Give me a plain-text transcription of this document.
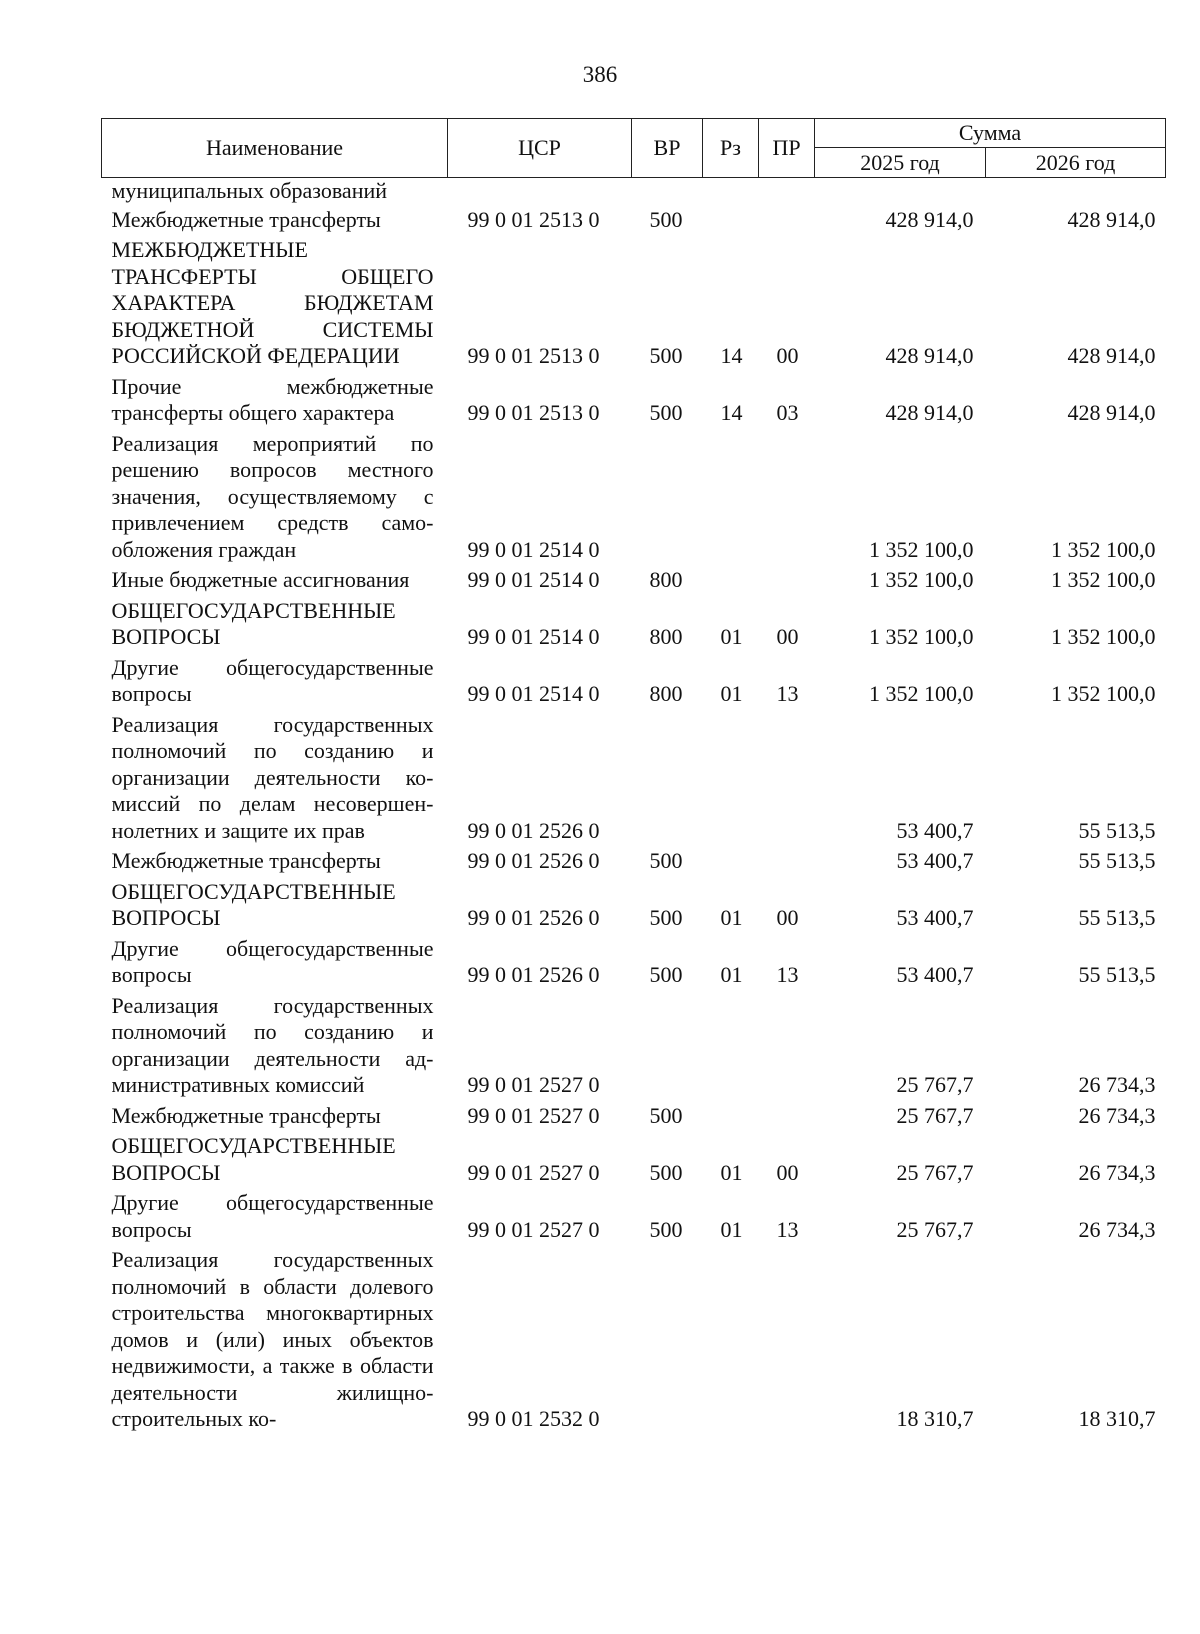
386
Наименование	ЦСР	ВР	Рз	ПР	Сумма	
					2025 год	2026 год
муниципальных образований						
Межбюджетные трансферты	99 0 01 2513 0	500			428 914,0	428 914,0
МЕЖБЮДЖЕТНЫЕ ТРАНСФЕРТЫ ОБЩЕГО ХАРАКТЕРА БЮДЖЕТАМ БЮДЖЕТНОЙ СИСТЕМЫ РОССИЙСКОЙ ФЕДЕРАЦИИ	99 0 01 2513 0	500	14	00	428 914,0	428 914,0
Прочие межбюджетные трансферты общего характера	99 0 01 2513 0	500	14	03	428 914,0	428 914,0
Реализация мероприятий по решению вопросов местного значения, осуществляемому с привлечением средств самообложения граждан	99 0 01 2514 0				1 352 100,0	1 352 100,0
Иные бюджетные ассигнования	99 0 01 2514 0	800			1 352 100,0	1 352 100,0
ОБЩЕГОСУДАРСТВЕННЫЕ ВОПРОСЫ	99 0 01 2514 0	800	01	00	1 352 100,0	1 352 100,0
Другие общегосударственные вопросы	99 0 01 2514 0	800	01	13	1 352 100,0	1 352 100,0
Реализация государственных полномочий по созданию и организации деятельности комиссий по делам несовершеннолетних и защите их прав	99 0 01 2526 0				53 400,7	55 513,5
Межбюджетные трансферты	99 0 01 2526 0	500			53 400,7	55 513,5
ОБЩЕГОСУДАРСТВЕННЫЕ ВОПРОСЫ	99 0 01 2526 0	500	01	00	53 400,7	55 513,5
Другие общегосударственные вопросы	99 0 01 2526 0	500	01	13	53 400,7	55 513,5
Реализация государственных полномочий по созданию и организации деятельности административных комиссий	99 0 01 2527 0				25 767,7	26 734,3
Межбюджетные трансферты	99 0 01 2527 0	500			25 767,7	26 734,3
ОБЩЕГОСУДАРСТВЕННЫЕ ВОПРОСЫ	99 0 01 2527 0	500	01	00	25 767,7	26 734,3
Другие общегосударственные вопросы	99 0 01 2527 0	500	01	13	25 767,7	26 734,3
Реализация государственных полномочий в области долевого строительства многоквартирных домов и (или) иных объектов недвижимости, а также в области деятельности жилищно-строительных ко-	99 0 01 2532 0				18 310,7	18 310,7
